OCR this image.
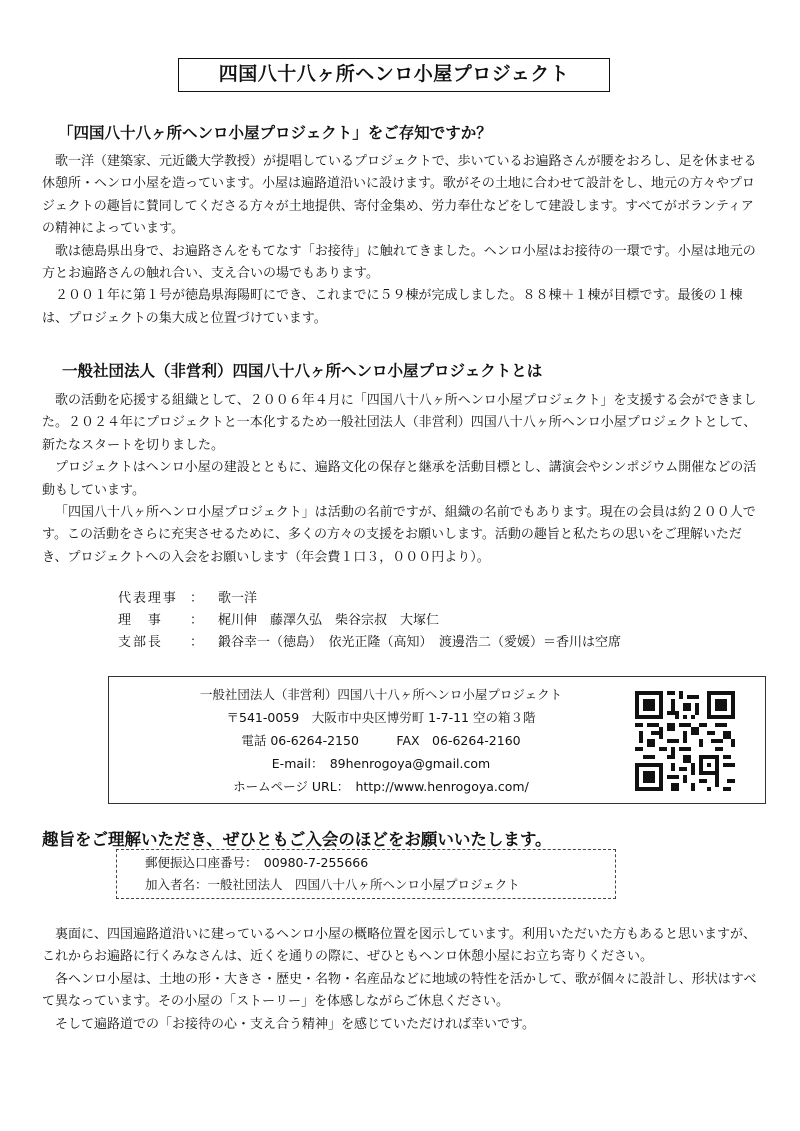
四国八十八ヶ所ヘンロ小屋プロジェクト
「四国八十八ヶ所ヘンロ小屋プロジェクト」をご存知ですか？

歌一洋（建築家、元近畿大学教授）が提唱しているプロジェクトで、歩いているお遍路さんが腰をおろし、足を休ませる休憩所・ヘンロ小屋を造っています。小屋は遍路道沿いに設けます。歌がその土地に合わせて設計をし、地元の方々やプロジェクトの趣旨に賛同してくださる方々が土地提供、寄付金集め、労力奉仕などをして建設します。すべてがボランティアの精神によっています。

歌は徳島県出身で、お遍路さんをもてなす「お接待」に触れてきました。ヘンロ小屋はお接待の一環です。小屋は地元の方とお遍路さんの触れ合い、支え合いの場でもあります。

２００１年に第１号が徳島県海陽町にでき、これまでに５９棟が完成しました。８８棟＋１棟が目標です。最後の１棟は、プロジェクトの集大成と位置づけています。

一般社団法人（非営利）四国八十八ヶ所ヘンロ小屋プロジェクトとは

歌の活動を応援する組織として、２００６年４月に「四国八十八ヶ所ヘンロ小屋プロジェクト」を支援する会ができました。２０２４年にプロジェクトと一本化するため一般社団法人（非営利）四国八十八ヶ所ヘンロ小屋プロジェクトとして、新たなスタートを切りました。

プロジェクトはヘンロ小屋の建設とともに、遍路文化の保存と継承を活動目標とし、講演会やシンポジウム開催などの活動もしています。

「四国八十八ヶ所ヘンロ小屋プロジェクト」は活動の名前ですが、組織の名前でもあります。現在の会員は約２００人です。この活動をさらに充実させるために、多くの方々の支援をお願いします。活動の趣旨と私たちの思いをご理解いただき、プロジェクトへの入会をお願いします（年会費１口３，０００円より）。

代表理事 ：	歌一洋
理　事	：	梶川伸　藤澤久弘　柴谷宗叔　大塚仁
支部長	：	鍛谷幸一（徳島）　依光正隆（高知）　渡邊浩二（愛媛）＝香川は空席
一般社団法人（非営利）四国八十八ヶ所ヘンロ小屋プロジェクト
〒541-0059　大阪市中央区博労町 1-7-11 空の箱３階
電話 06-6264-2150　　　FAX　06-6264-2160
E-mail：　89henrogoya@gmail.com
ホームページ URL：　http://www.henrogoya.com/
趣旨をご理解いただき、ぜひともご入会のほどをお願いいたします。
郵便振込口座番号：　00980-7-255666
加入者名：一般社団法人　四国八十八ヶ所ヘンロ小屋プロジェクト

裏面に、四国遍路道沿いに建っているヘンロ小屋の概略位置を図示しています。利用いただいた方もあると思いますが、これからお遍路に行くみなさんは、近くを通りの際に、ぜひともヘンロ休憩小屋にお立ち寄りください。

各ヘンロ小屋は、土地の形・大きさ・歴史・名物・名産品などに地域の特性を活かして、歌が個々に設計し、形状はすべて異なっています。その小屋の「ストーリー」を体感しながらご休息ください。

そして遍路道での「お接待の心・支え合う精神」を感じていただければ幸いです。
